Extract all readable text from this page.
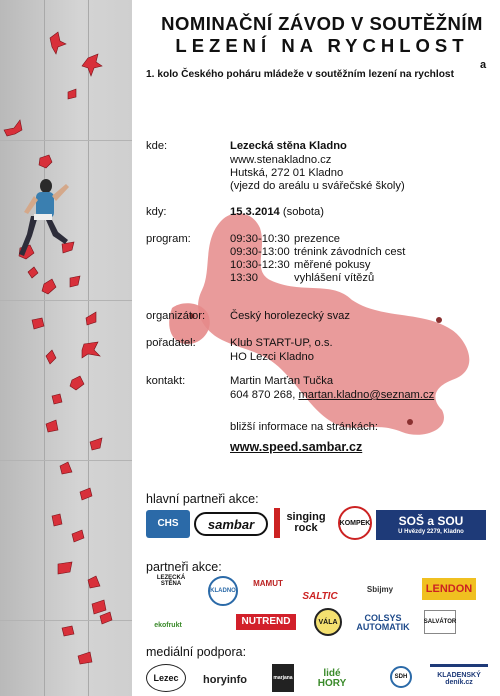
NOMINAČNÍ ZÁVOD V SOUTĚŽNÍM
LEZENÍ NA RYCHLOST
a
1. kolo Českého poháru mládeže v soutěžním lezení na rychlost
kde:	Lezecká stěna Kladno
www.stenakladno.cz
Hutská, 272 01 Kladno
(vjezd do areálu u svářečské školy)
kdy:	15.3.2014 (sobota)
program:	09:30-10:30 prezence
09:30-13:00 trénink závodních cest
10:30-12:30 měřené pokusy
13:30	vyhlášení vítězů
organizátor: Český horolezecký svaz
pořadatel:	Klub START-UP, o.s.
HO Lezci Kladno
kontakt:	Martin Marťan Tučka
604 870 268, martan.kladno@seznam.cz
bližší informace na stránkách:
www.speed.sambar.cz
hlavní partneři akce:
CHS	sambar	singing rock	KOMPEK SOŠ a SOU
U Hvězdy 2279, Kladno
partneři akce:
LEZECKÁ STĚNA
KLADNO
MAMUT
SALTIC
Sbijmy	LENDON
ekofrukt	NUTREND	VÁLA	COLSYS AUTOMATIK	SALVÁTOR
mediální podpora:
Lezec	horyinfo	marjana	lidé HORY
SDH	KLADENSKÝ deník.cz
